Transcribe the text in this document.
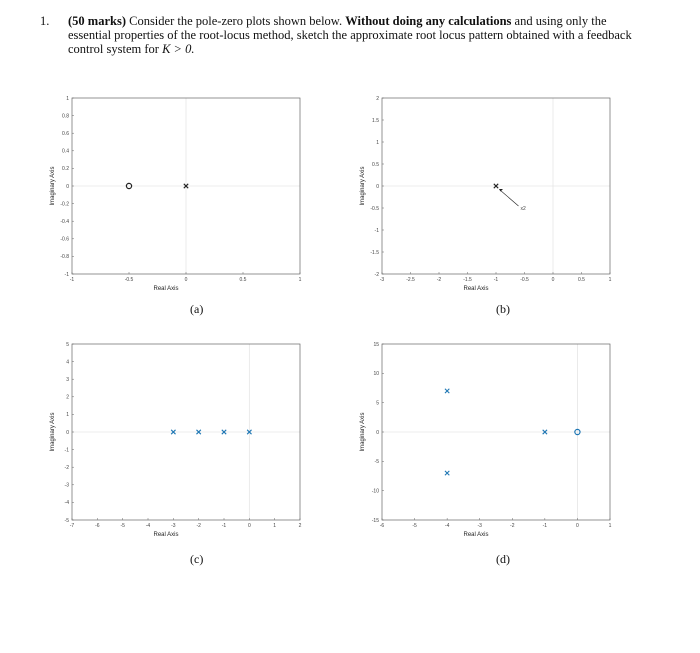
1. (50 marks) Consider the pole-zero plots shown below. Without doing any calculations and using only the essential properties of the root-locus method, sketch the approximate root locus pattern obtained with a feedback control system for K > 0.
-1	-0.5	0	0.5	1
1
0.8
0.6
0.4
0.2
0
-0.2
-0.4
-0.6
-0.8
-1
Real Axis
Imaginary Axis
-3	-2.5	-2	-1.5	-1	-0.5	0	0.5	1
2
1.5
1
0.5
0
-0.5
-1
-1.5
-2
Real Axis
Imaginary Axis
x2
-7	-6	-5	-4	-3	-2	-1	0	1	2
5
4
3
2
1
0
-1
-2
-3
-4
-5
Real Axis
Imaginary Axis
-6	-5	-4	-3	-2	-1	0	1
15
10
5
0
-5
-10
-15
Real Axis
Imaginary Axis
(a)	(b)
(c)	(d)
